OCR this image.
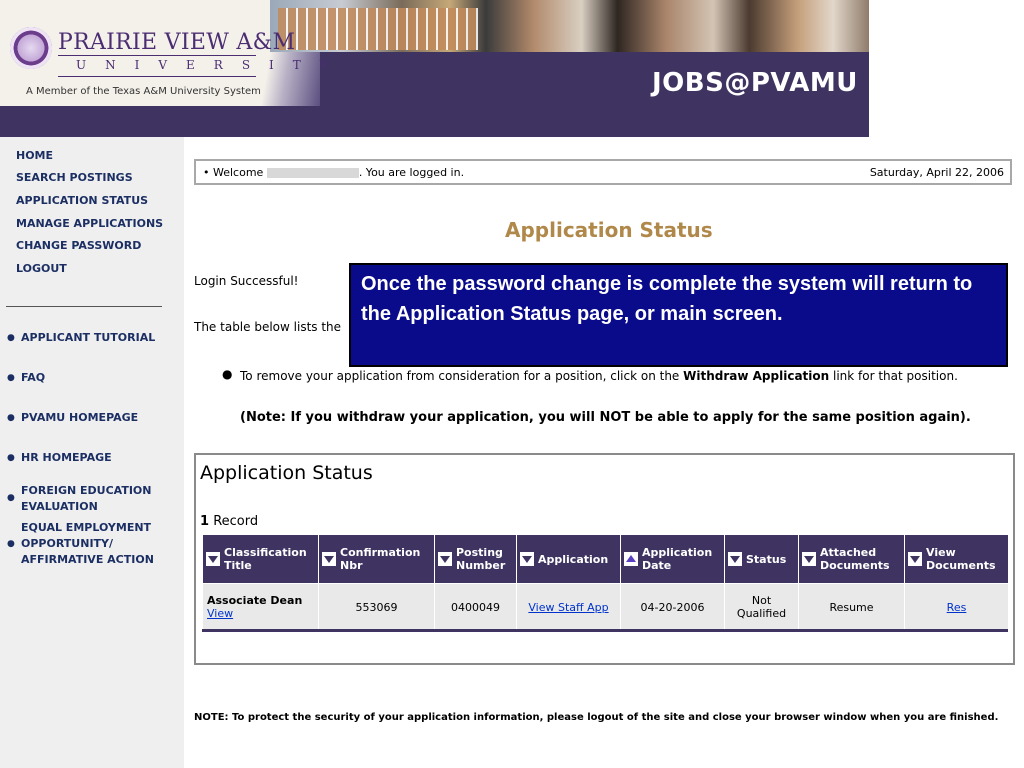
PRAIRIE VIEW A&M
UNIVERSITY
A Member of the Texas A&M University System	JOBS@PVAMU
HOME
SEARCH POSTINGS
APPLICATION STATUS
MANAGE APPLICATIONS
CHANGE PASSWORD
LOGOUT
● APPLICANT TUTORIAL
● FAQ
● PVAMU HOMEPAGE
● HR HOMEPAGE
●
FOREIGN EDUCATION EVALUATION
●
EQUAL EMPLOYMENT OPPORTUNITY/ AFFIRMATIVE ACTION
• Welcome	. You are logged in.	Saturday, April 22, 2006
Application Status
Login Successful!
The table below lists the
● To remove your application from consideration for a position, click on the Withdraw Application link for that position.
(Note: If you withdraw your application, you will NOT be able to apply for the same position again).
Once the password change is complete the system will return to the Application Status page, or main screen.
Application Status
1 Record
Classification Title	Confirmation Nbr	Posting Number	Application	Application Date	Status	Attached Documents	View Documents

Associate Dean
View	553069	0400049	View Staff App	04-20-2006	Not Qualified	Resume	Res
NOTE: To protect the security of your application information, please logout of the site and close your browser window when you are finished.
